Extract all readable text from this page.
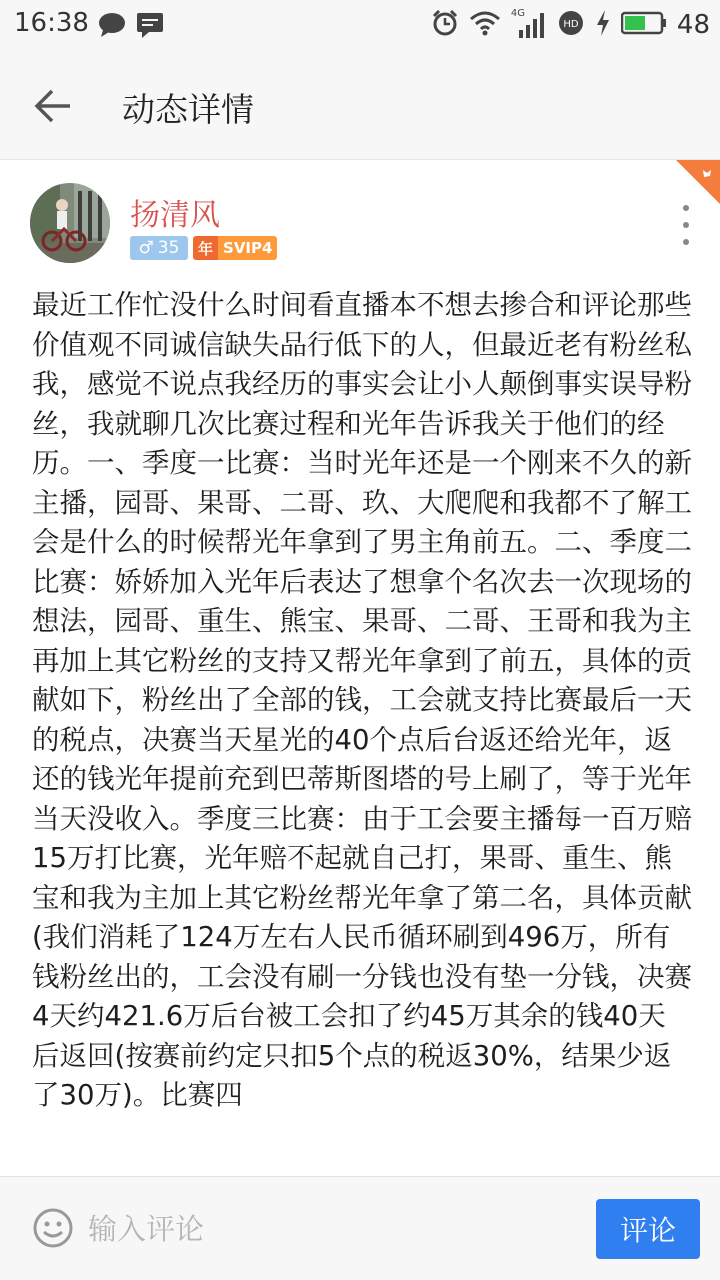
16:38	4G
HD	48
动态详情
扬清风
♂ 35	年 SVIP4
最近工作忙没什么时间看直播本不想去掺合和评论那些价值观不同诚信缺失品行低下的人，但最近老有粉丝私我，感觉不说点我经历的事实会让小人颠倒事实误导粉丝，我就聊几次比赛过程和光年告诉我关于他们的经历。一、季度一比赛：当时光年还是一个刚来不久的新主播，园哥、果哥、二哥、玖、大爬爬和我都不了解工会是什么的时候帮光年拿到了男主角前五。二、季度二比赛：娇娇加入光年后表达了想拿个名次去一次现场的想法，园哥、重生、熊宝、果哥、二哥、王哥和我为主再加上其它粉丝的支持又帮光年拿到了前五，具体的贡献如下，粉丝出了全部的钱，工会就支持比赛最后一天的税点，决赛当天星光的40个点后台返还给光年，返还的钱光年提前充到巴蒂斯图塔的号上刷了，等于光年当天没收入。季度三比赛：由于工会要主播每一百万赔15万打比赛，光年赔不起就自己打，果哥、重生、熊宝和我为主加上其它粉丝帮光年拿了第二名，具体贡献(我们消耗了124万左右人民币循环刷到496万，所有钱粉丝出的，工会没有刷一分钱也没有垫一分钱，决赛4天约421.6万后台被工会扣了约45万其余的钱40天后返回(按赛前约定只扣5个点的税返30%，结果少返了30万)。比赛四
输入评论
评论
